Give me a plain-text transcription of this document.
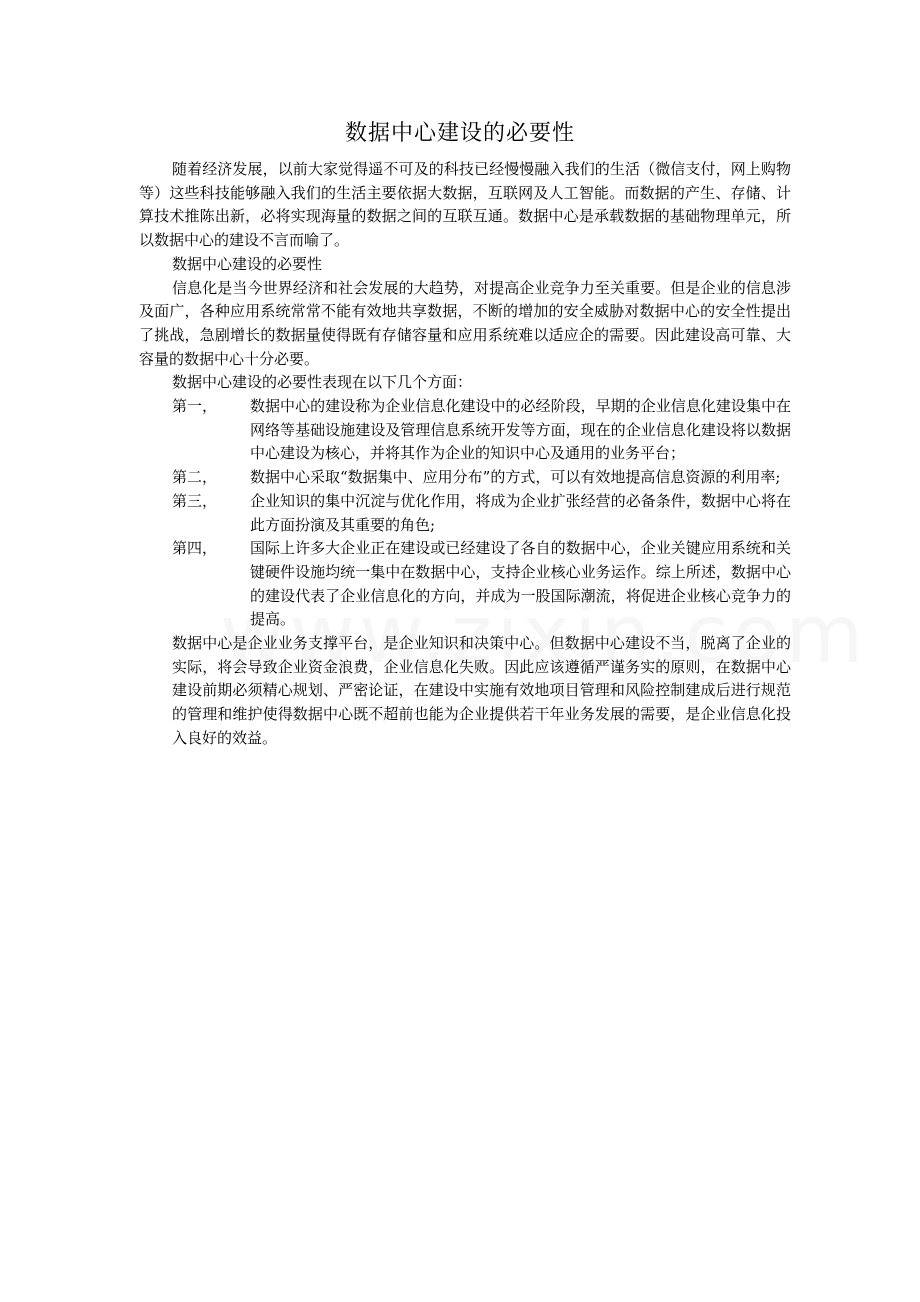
数据中心建设的必要性

随着经济发展，以前大家觉得遥不可及的科技已经慢慢融入我们的生活（微信支付，网上购物等）这些科技能够融入我们的生活主要依据大数据，互联网及人工智能。而数据的产生、存储、计算技术推陈出新，必将实现海量的数据之间的互联互通。数据中心是承载数据的基础物理单元，所以数据中心的建设不言而喻了。

数据中心建设的必要性

信息化是当今世界经济和社会发展的大趋势，对提高企业竞争力至关重要。但是企业的信息涉及面广，各种应用系统常常不能有效地共享数据，不断的增加的安全威胁对数据中心的安全性提出了挑战，急剧增长的数据量使得既有存储容量和应用系统难以适应企的需要。因此建设高可靠、大容量的数据中心十分必要。

数据中心建设的必要性表现在以下几个方面：

第一，	数据中心的建设称为企业信息化建设中的必经阶段，早期的企业信息化建设集中在网络等基础设施建设及管理信息系统开发等方面，现在的企业信息化建设将以数据中心建设为核心，并将其作为企业的知识中心及通用的业务平台；
第二，	数据中心采取“数据集中、应用分布”的方式，可以有效地提高信息资源的利用率;
第三，	企业知识的集中沉淀与优化作用，将成为企业扩张经营的必备条件，数据中心将在此方面扮演及其重要的角色;
第四，	国际上许多大企业正在建设或已经建设了各自的数据中心，企业关键应用系统和关键硬件设施均统一集中在数据中心，支持企业核心业务运作。综上所述，数据中心的建设代表了企业信息化的方向，并成为一股国际潮流，将促进企业核心竞争力的提高。

数据中心是企业业务支撑平台，是企业知识和决策中心。但数据中心建设不当，脱离了企业的实际，将会导致企业资金浪费，企业信息化失败。因此应该遵循严谨务实的原则，在数据中心建设前期必须精心规划、严密论证，在建设中实施有效地项目管理和风险控制建成后进行规范的管理和维护使得数据中心既不超前也能为企业提供若干年业务发展的需要，是企业信息化投入良好的效益。
